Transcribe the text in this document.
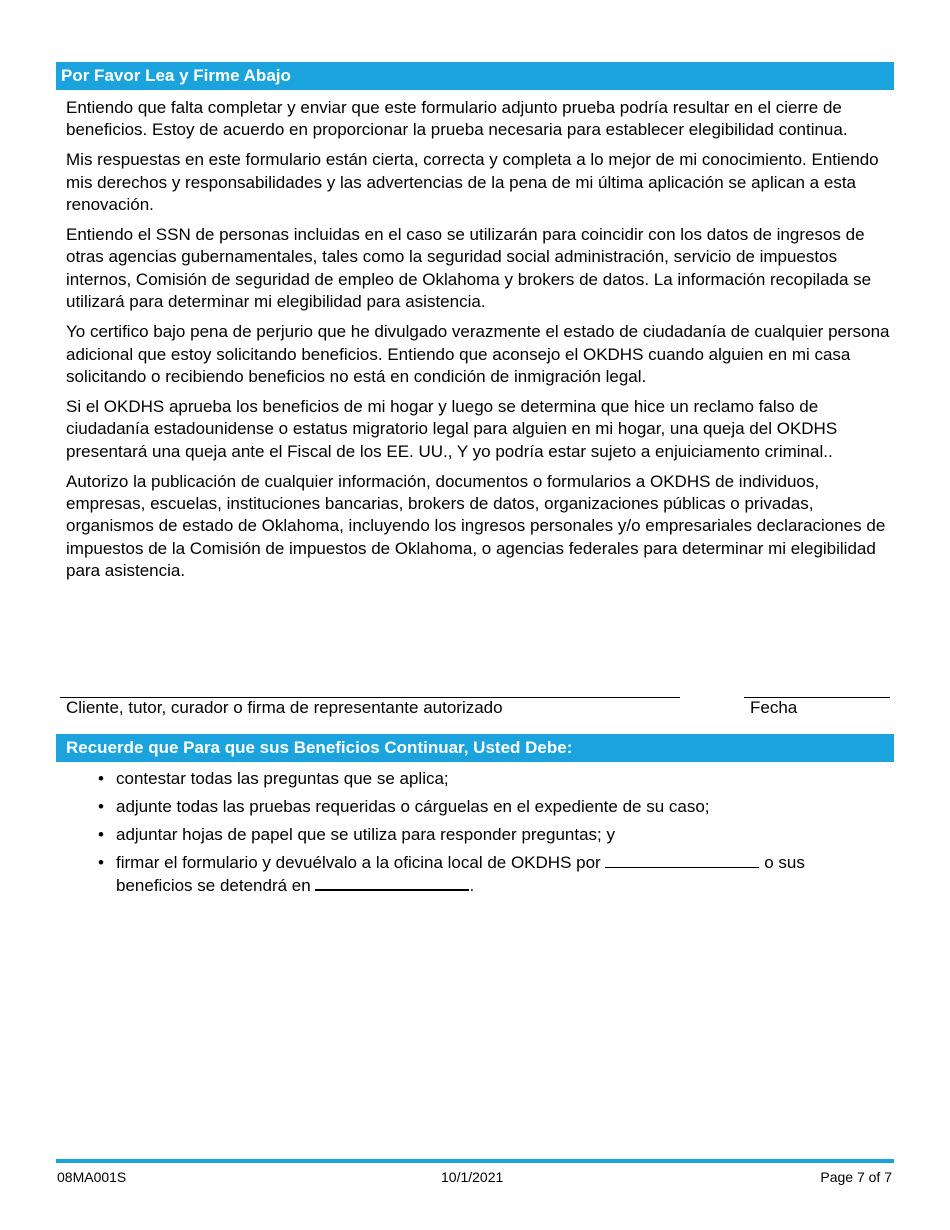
Por Favor Lea y Firme Abajo

Entiendo que falta completar y enviar que este formulario adjunto prueba podría resultar en el cierre de beneficios. Estoy de acuerdo en proporcionar la prueba necesaria para establecer elegibilidad continua.

Mis respuestas en este formulario están cierta, correcta y completa a lo mejor de mi conocimiento. Entiendo mis derechos y responsabilidades y las advertencias de la pena de mi última aplicación se aplican a esta renovación.

Entiendo el SSN de personas incluidas en el caso se utilizarán para coincidir con los datos de ingresos de otras agencias gubernamentales, tales como la seguridad social administración, servicio de impuestos internos, Comisión de seguridad de empleo de Oklahoma y brokers de datos. La información recopilada se utilizará para determinar mi elegibilidad para asistencia.

Yo certifico bajo pena de perjurio que he divulgado verazmente el estado de ciudadanía de cualquier persona adicional que estoy solicitando beneficios. Entiendo que aconsejo el OKDHS cuando alguien en mi casa solicitando o recibiendo beneficios no está en condición de inmigración legal.

Si el OKDHS aprueba los beneficios de mi hogar y luego se determina que hice un reclamo falso de ciudadanía estadounidense o estatus migratorio legal para alguien en mi hogar, una queja del OKDHS presentará una queja ante el Fiscal de los EE. UU., Y yo podría estar sujeto a enjuiciamento criminal..

Autorizo la publicación de cualquier información, documentos o formularios a OKDHS de individuos, empresas, escuelas, instituciones bancarias, brokers de datos, organizaciones públicas o privadas, organismos de estado de Oklahoma, incluyendo los ingresos personales y/o empresariales declaraciones de impuestos de la Comisión de impuestos de Oklahoma, o agencias federales para determinar mi elegibilidad para asistencia.

Cliente, tutor, curador o firma de representante autorizado	Fecha
Recuerde que Para que sus Beneficios Continuar, Usted Debe:
• contestar todas las preguntas que se aplica;
• adjunte todas las pruebas requeridas o cárguelas en el expediente de su caso;
• adjuntar hojas de papel que se utiliza para responder preguntas; y
• firmar el formulario y devuélvalo a la oficina local de OKDHS por	o sus beneficios se detendrá en	.
08MA001S	10/1/2021	Page 7 of 7
